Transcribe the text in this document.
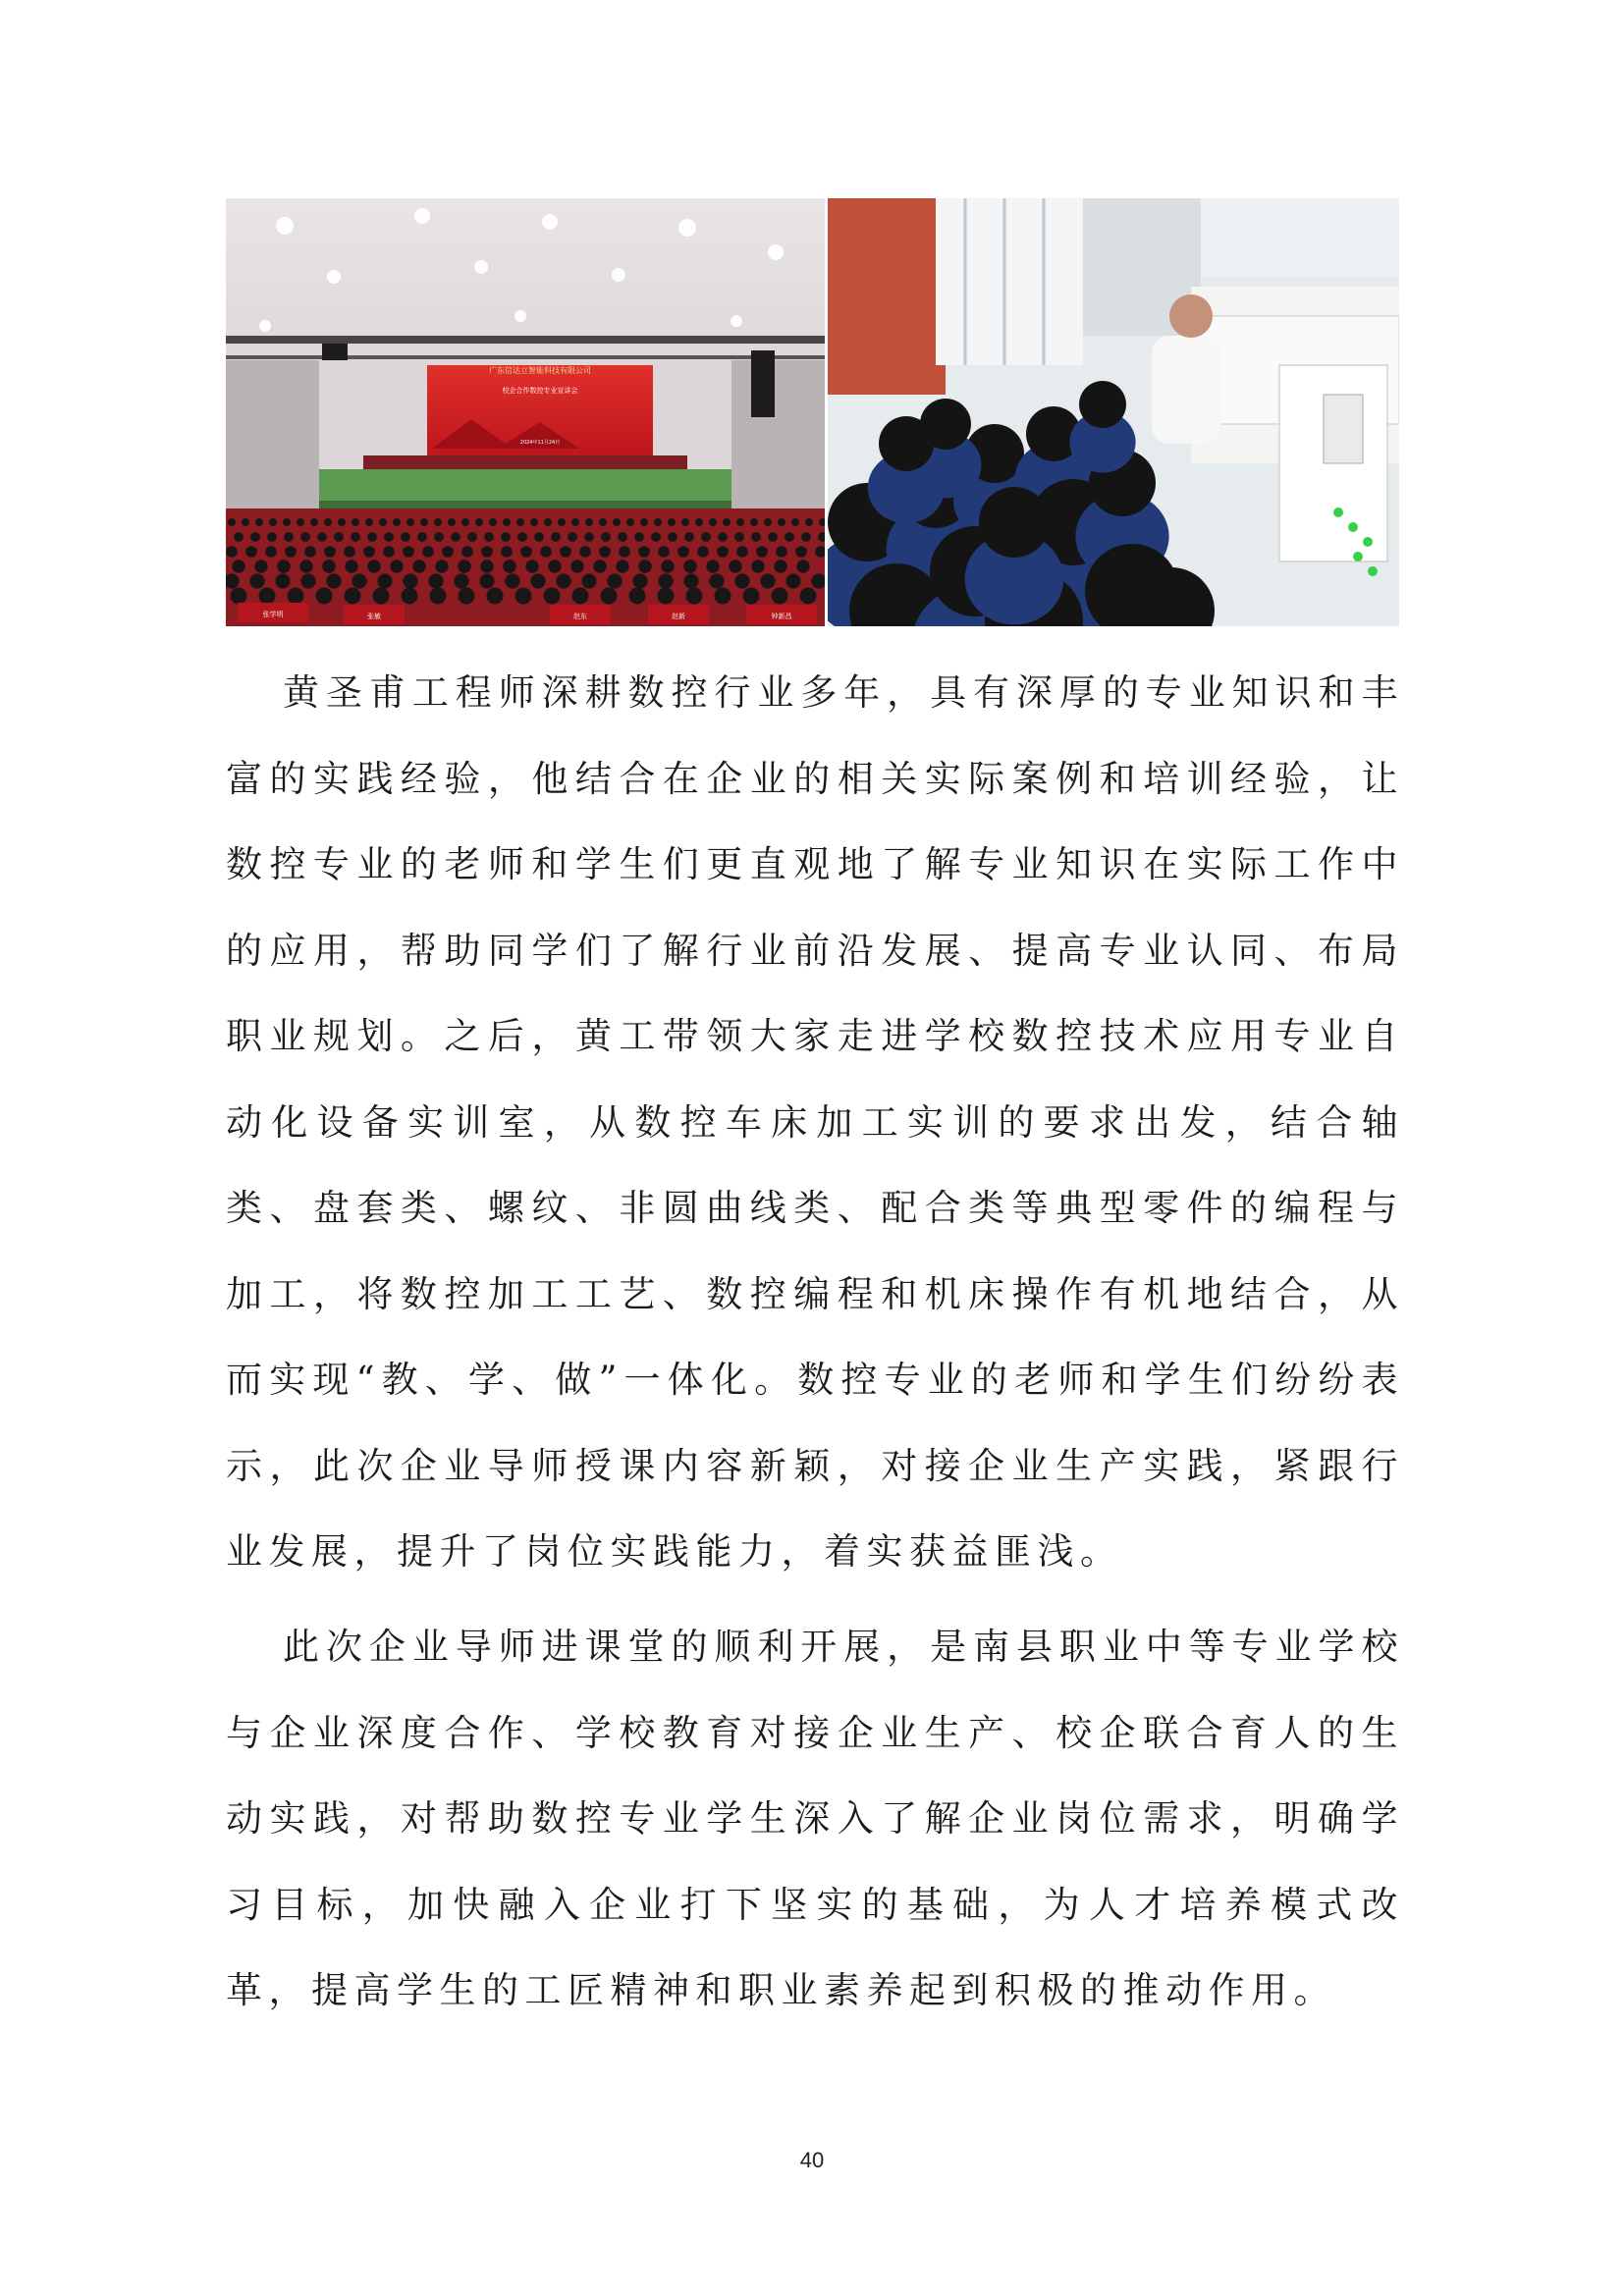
广东信达立智能科技有限公司
校企合作数控专业宣讲会
2024年11月24日
张学明	张敏	赵东	赵新	钟新昌

黄圣甫工程师深耕数控行业多年，具有深厚的专业知识和丰富的实践经验，他结合在企业的相关实际案例和培训经验，让数控专业的老师和学生们更直观地了解专业知识在实际工作中的应用，帮助同学们了解行业前沿发展、提高专业认同、布局职业规划。之后，黄工带领大家走进学校数控技术应用专业自动化设备实训室，从数控车床加工实训的要求出发，结合轴类、盘套类、螺纹、非圆曲线类、配合类等典型零件的编程与加工，将数控加工工艺、数控编程和机床操作有机地结合，从而实现“教、学、做”一体化。数控专业的老师和学生们纷纷表示，此次企业导师授课内容新颖，对接企业生产实践，紧跟行业发展，提升了岗位实践能力，着实获益匪浅。

此次企业导师进课堂的顺利开展，是南县职业中等专业学校与企业深度合作、学校教育对接企业生产、校企联合育人的生动实践，对帮助数控专业学生深入了解企业岗位需求，明确学习目标，加快融入企业打下坚实的基础，为人才培养模式改革，提高学生的工匠精神和职业素养起到积极的推动作用。

40
